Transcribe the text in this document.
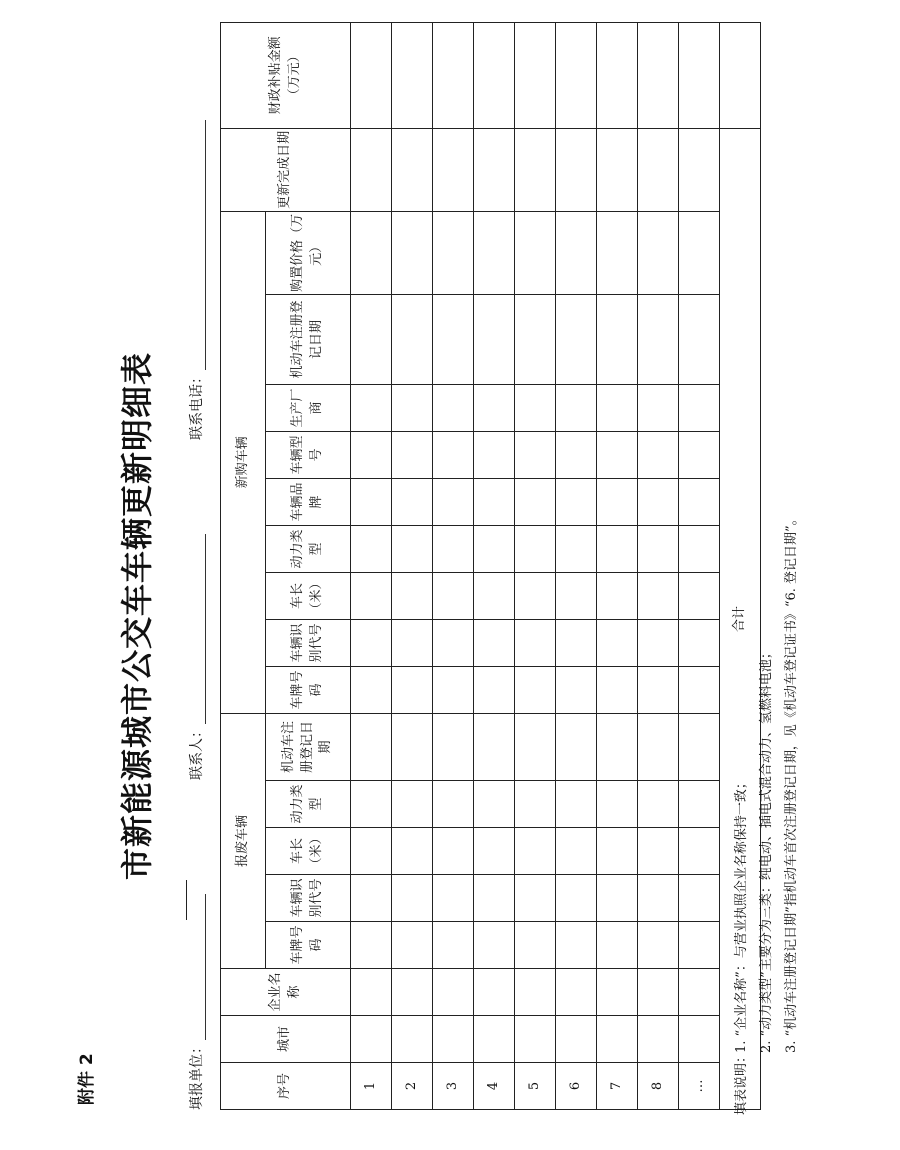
附件 2
市新能源城市公交车车辆更新明细表
填报单位：
联系人：
联系电话：
序号	城市	企业名称	报废车辆					新购车辆									更新完成日期	财政补贴金额（万元）
			车牌号码	车辆识别代号	车长（米）	动力类型	机动车注册登记日期	车牌号码	车辆识别代号	车长（米）	动力类型	车辆品牌	车辆型号	生产厂商	机动车注册登记日期	购置价格（万元）		
1																		
2																		
3																		
4																		
5																		
6																		
7																		
8																		
…																		
合计																		
填表说明：
1. “企业名称”：与营业执照企业名称保持一致； 2. “动力类型”主要分为三类：纯电动、插电式混合动力、氢燃料电池； 3. “机动车注册登记日期”指机动车首次注册登记日期，见《机动车登记证书》“6. 登记日期”。
